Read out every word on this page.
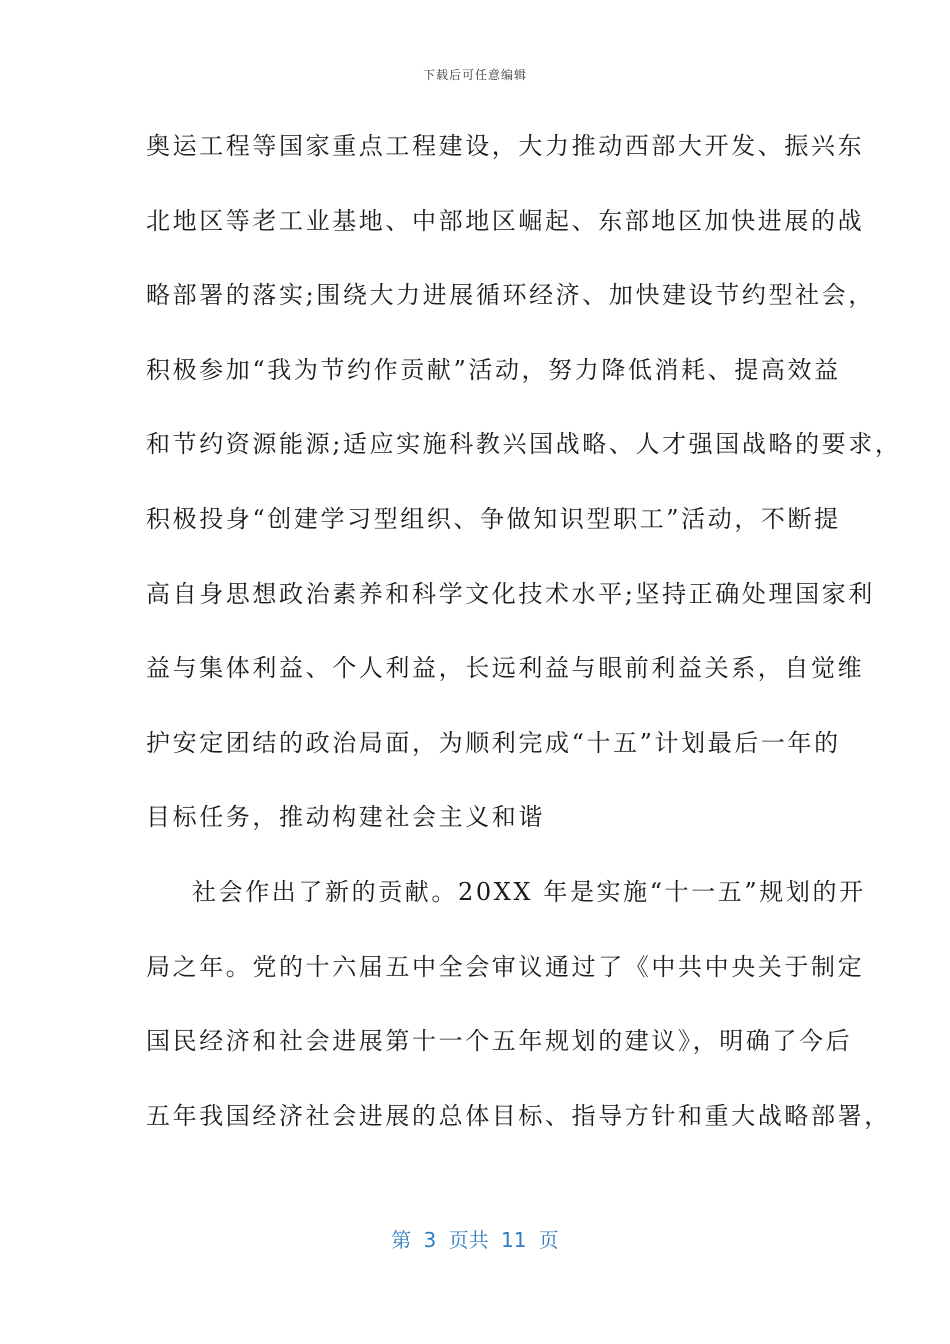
下载后可任意编辑
奥运工程等国家重点工程建设，大力推动西部大开发、振兴东
北地区等老工业基地、中部地区崛起、东部地区加快进展的战
略部署的落实;围绕大力进展循环经济、加快建设节约型社会，
积极参加“我为节约作贡献”活动，努力降低消耗、提高效益
和节约资源能源;适应实施科教兴国战略、人才强国战略的要求，
积极投身“创建学习型组织、争做知识型职工”活动，不断提
高自身思想政治素养和科学文化技术水平;坚持正确处理国家利
益与集体利益、个人利益，长远利益与眼前利益关系，自觉维
护安定团结的政治局面，为顺利完成“十五”计划最后一年的
目标任务，推动构建社会主义和谐
社会作出了新的贡献。20XX 年是实施“十一五”规划的开
局之年。党的十六届五中全会审议通过了《中共中央关于制定
国民经济和社会进展第十一个五年规划的建议》，明确了今后
五年我国经济社会进展的总体目标、指导方针和重大战略部署，
第 3 页共 11 页
